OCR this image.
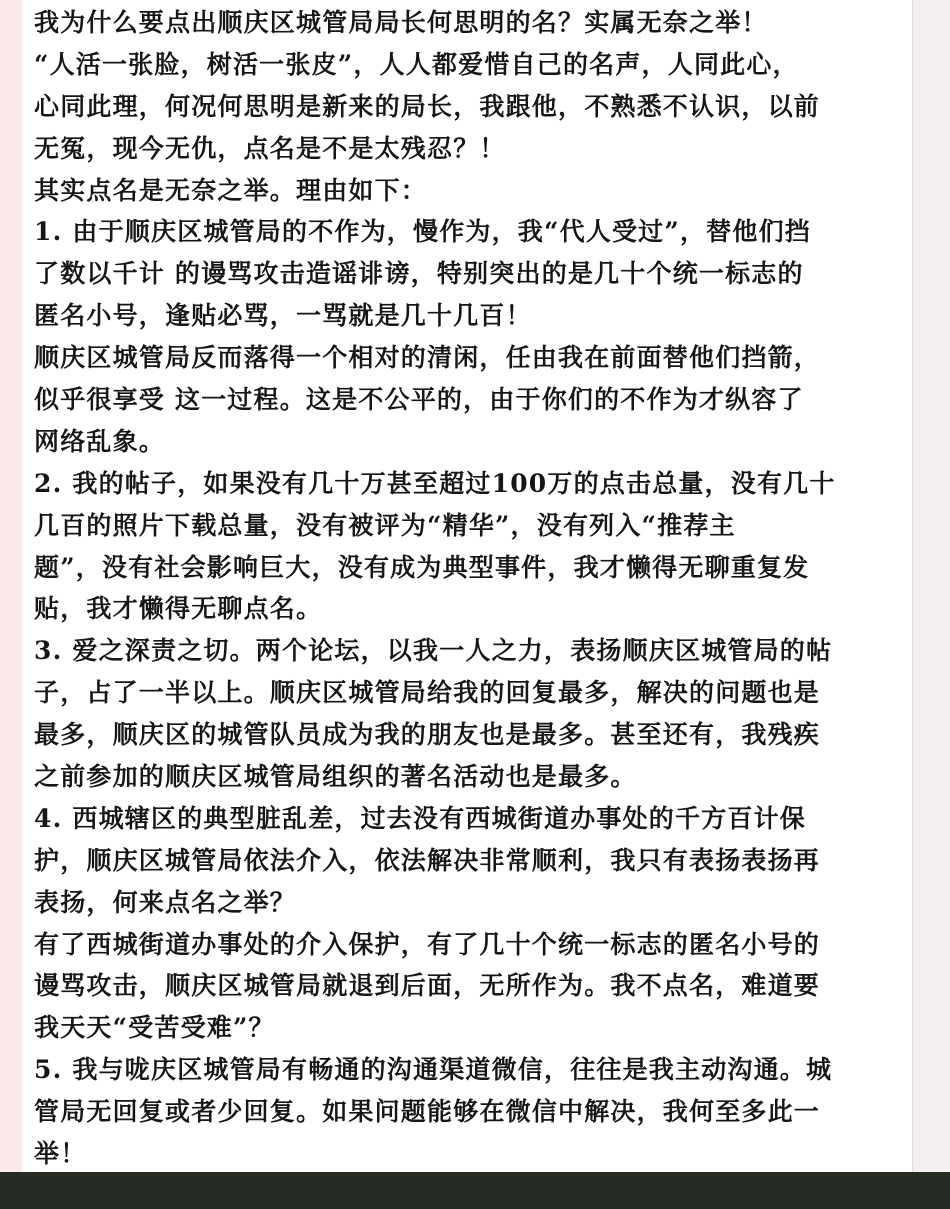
我为什么要点出顺庆区城管局局长何思明的名？实属无奈之举！
“人活一张脸，树活一张皮”，人人都爱惜自己的名声，人同此心，
心同此理，何况何思明是新来的局长，我跟他，不熟悉不认识，以前
无冤，现今无仇，点名是不是太残忍？！
其实点名是无奈之举。理由如下：
1. 由于顺庆区城管局的不作为，慢作为，我“代人受过”，替他们挡
了数以千计 的谩骂攻击造谣诽谤，特别突出的是几十个统一标志的
匿名小号，逢贴必骂，一骂就是几十几百！
顺庆区城管局反而落得一个相对的清闲，任由我在前面替他们挡箭，
似乎很享受 这一过程。这是不公平的，由于你们的不作为才纵容了
网络乱象。
2. 我的帖子，如果没有几十万甚至超过100万的点击总量，没有几十
几百的照片下载总量，没有被评为“精华”，没有列入“推荐主
题”，没有社会影响巨大，没有成为典型事件，我才懒得无聊重复发
贴，我才懒得无聊点名。
3. 爱之深责之切。两个论坛，以我一人之力，表扬顺庆区城管局的帖
子，占了一半以上。顺庆区城管局给我的回复最多，解决的问题也是
最多，顺庆区的城管队员成为我的朋友也是最多。甚至还有，我残疾
之前参加的顺庆区城管局组织的著名活动也是最多。
4. 西城辖区的典型脏乱差，过去没有西城街道办事处的千方百计保
护，顺庆区城管局依法介入，依法解决非常顺利，我只有表扬表扬再
表扬，何来点名之举？
有了西城街道办事处的介入保护，有了几十个统一标志的匿名小号的
谩骂攻击，顺庆区城管局就退到后面，无所作为。我不点名，难道要
我天天“受苦受难”？
5. 我与咙庆区城管局有畅通的沟通渠道微信，往往是我主动沟通。城
管局无回复或者少回复。如果问题能够在微信中解决，我何至多此一
举！
